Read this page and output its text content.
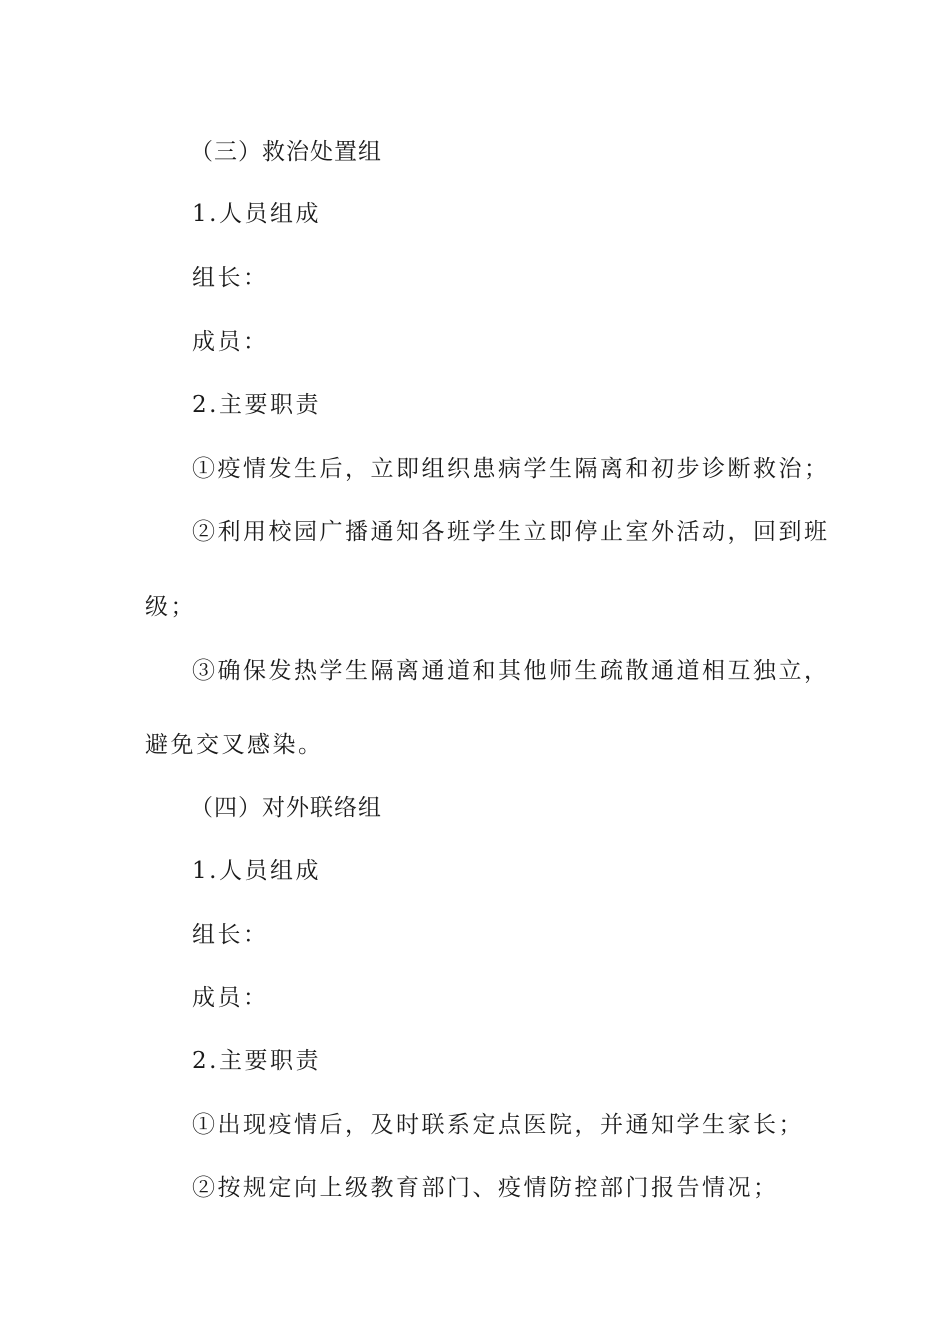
（三）救治处置组
1.人员组成
组长：
成员：
2.主要职责
①疫情发生后，立即组织患病学生隔离和初步诊断救治；
②利用校园广播通知各班学生立即停止室外活动，回到班
级；
③确保发热学生隔离通道和其他师生疏散通道相互独立，
避免交叉感染。
（四）对外联络组
1.人员组成
组长：
成员：
2.主要职责
①出现疫情后，及时联系定点医院，并通知学生家长；
②按规定向上级教育部门、疫情防控部门报告情况；
